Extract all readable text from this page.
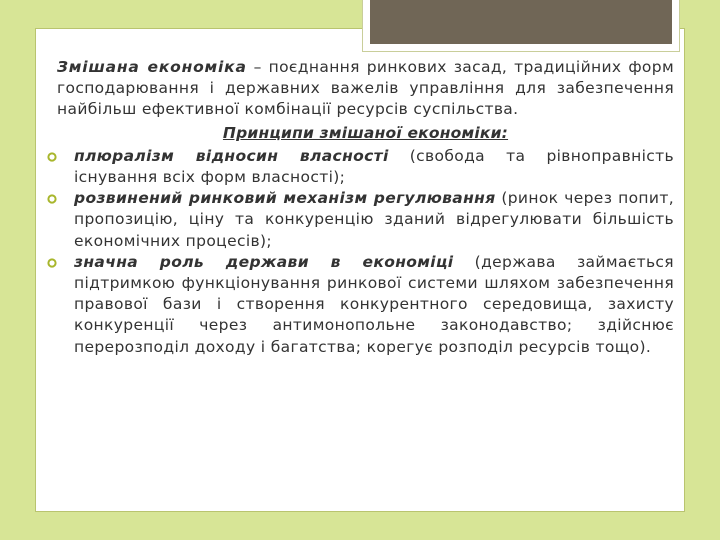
Змішана економіка – поєднання ринкових засад, традиційних форм господарювання і державних важелів управління для забезпечення найбільш ефективної комбінації ресурсів суспільства.

Принципи змішаної економіки:
плюралізм відносин власності (свобода та рівноправність існування всіх форм власності);
розвинений ринковий механізм регулювання (ринок через попит, пропозицію, ціну та конкуренцію зданий відрегулювати більшість економічних процесів);
значна роль держави в економіці (держава займається підтримкою функціонування ринкової системи шляхом забезпечення правової бази і створення конкурентного середовища, захисту конкуренції через антимонопольне законодавство; здійснює перерозподіл доходу і багатства; корегує розподіл ресурсів тощо).
